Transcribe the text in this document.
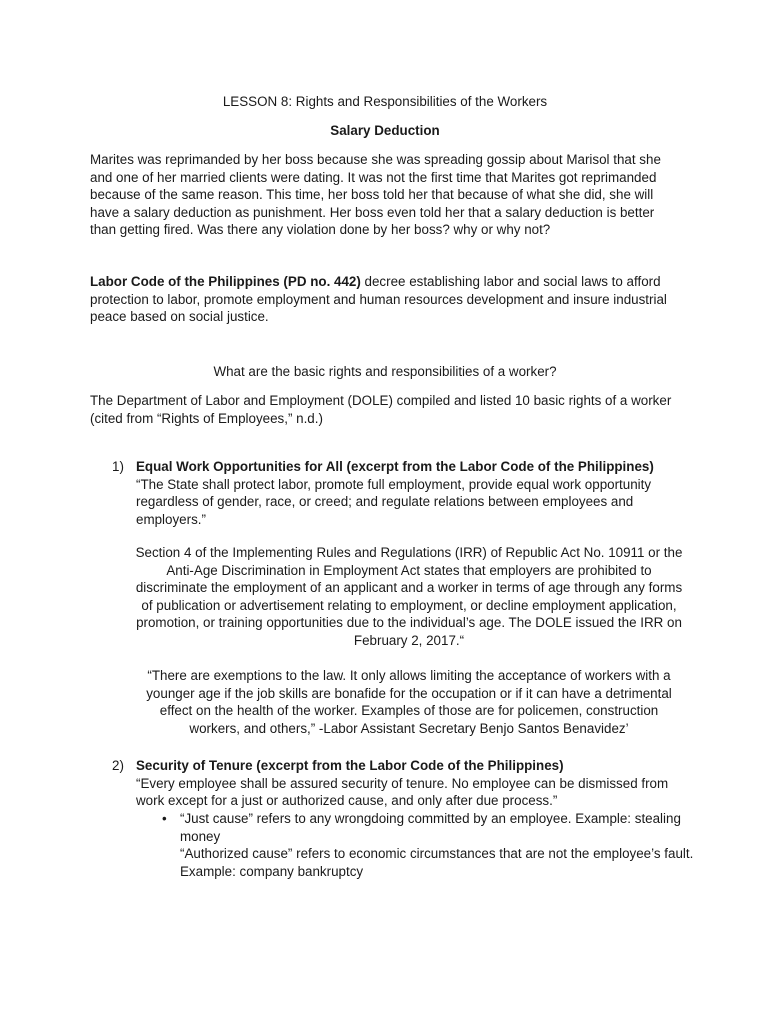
LESSON 8: Rights and Responsibilities of the Workers

Salary Deduction

Marites was reprimanded by her boss because she was spreading gossip about Marisol that she and one of her married clients were dating. It was not the first time that Marites got reprimanded because of the same reason. This time, her boss told her that because of what she did, she will have a salary deduction as punishment. Her boss even told her that a salary deduction is better than getting fired. Was there any violation done by her boss? why or why not?

Labor Code of the Philippines (PD no. 442) decree establishing labor and social laws to afford protection to labor, promote employment and human resources development and insure industrial peace based on social justice.

What are the basic rights and responsibilities of a worker?

The Department of Labor and Employment (DOLE) compiled and listed 10 basic rights of a worker (cited from “Rights of Employees,” n.d.)

1) Equal Work Opportunities for All (excerpt from the Labor Code of the Philippines)

“The State shall protect labor, promote full employment, provide equal work opportunity regardless of gender, race, or creed; and regulate relations between employees and employers.”

Section 4 of the Implementing Rules and Regulations (IRR) of Republic Act No. 10911 or the Anti-Age Discrimination in Employment Act states that employers are prohibited to discriminate the employment of an applicant and a worker in terms of age through any forms of publication or advertisement relating to employment, or decline employment application, promotion, or training opportunities due to the individual’s age. The DOLE issued the IRR on February 2, 2017.“

“There are exemptions to the law. It only allows limiting the acceptance of workers with a younger age if the job skills are bonafide for the occupation or if it can have a detrimental effect on the health of the worker. Examples of those are for policemen, construction workers, and others,” -Labor Assistant Secretary Benjo Santos Benavidez’

2) Security of Tenure (excerpt from the Labor Code of the Philippines)

“Every employee shall be assured security of tenure. No employee can be dismissed from work except for a just or authorized cause, and only after due process.”

• “Just cause” refers to any wrongdoing committed by an employee. Example: stealing money

“Authorized cause” refers to economic circumstances that are not the employee’s fault. Example: company bankruptcy
